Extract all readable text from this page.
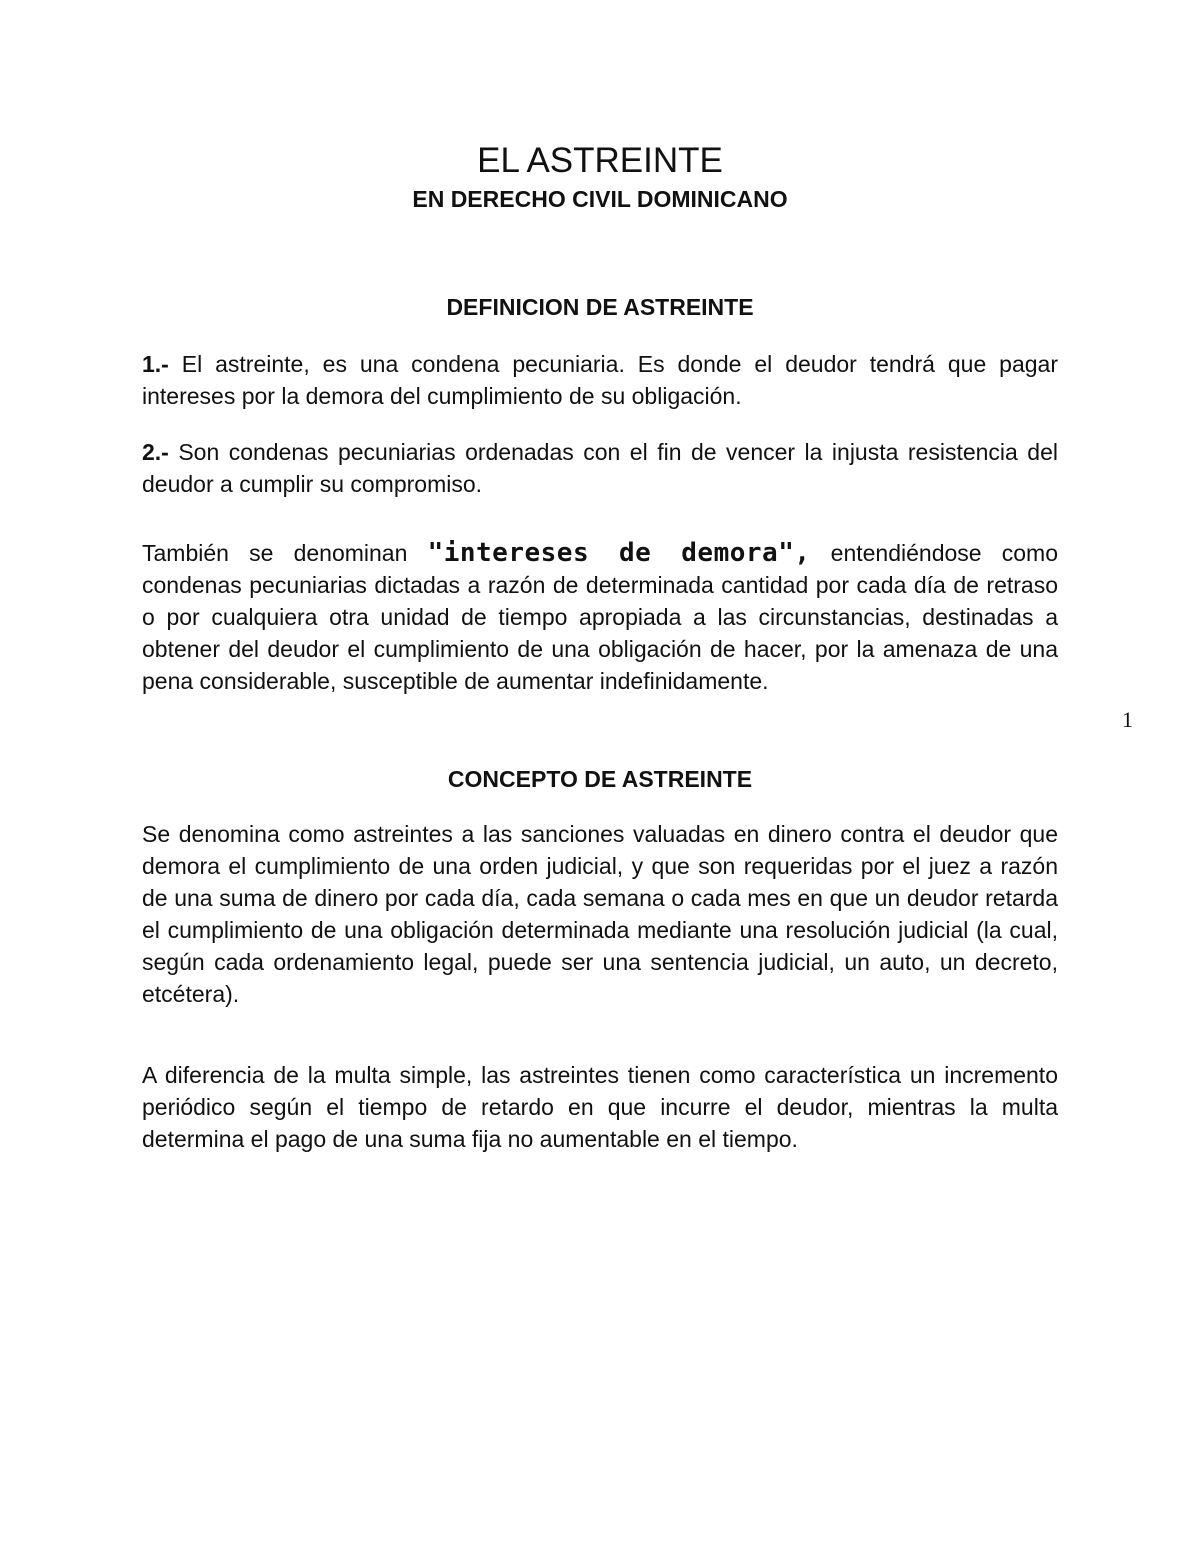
EL ASTREINTE
EN DERECHO CIVIL DOMINICANO
DEFINICION DE ASTREINTE

1.- El astreinte, es una condena pecuniaria. Es donde el deudor tendrá que pagar intereses por la demora del cumplimiento de su obligación.

2.- Son condenas pecuniarias ordenadas con el fin de vencer la injusta resistencia del deudor a cumplir su compromiso.

También se denominan "intereses de demora", entendiéndose como condenas pecuniarias dictadas a razón de determinada cantidad por cada día de retraso o por cualquiera otra unidad de tiempo apropiada a las circunstancias, destinadas a obtener del deudor el cumplimiento de una obligación de hacer, por la amenaza de una pena considerable, susceptible de aumentar indefinidamente.

1
CONCEPTO DE ASTREINTE

Se denomina como astreintes a las sanciones valuadas en dinero contra el deudor que demora el cumplimiento de una orden judicial, y que son requeridas por el juez a razón de una suma de dinero por cada día, cada semana o cada mes en que un deudor retarda el cumplimiento de una obligación determinada mediante una resolución judicial (la cual, según cada ordenamiento legal, puede ser una sentencia judicial, un auto, un decreto, etcétera).

A diferencia de la multa simple, las astreintes tienen como característica un incremento periódico según el tiempo de retardo en que incurre el deudor, mientras la multa determina el pago de una suma fija no aumentable en el tiempo.
